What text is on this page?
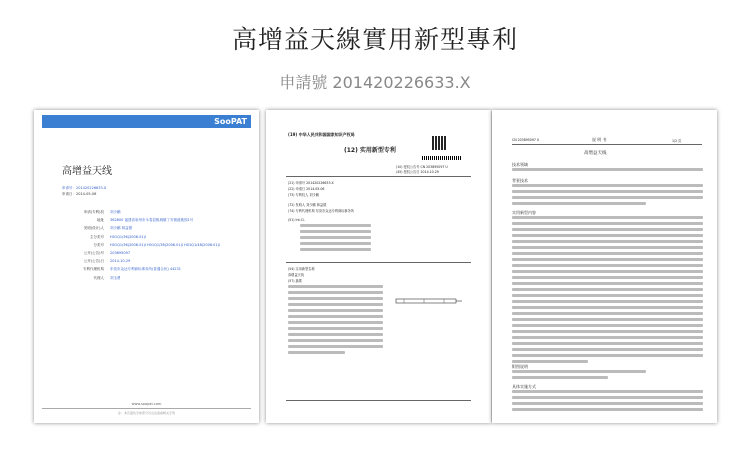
高增益天線實用新型專利
申請號 201420226633.X
SooPAT
高增益天线
申请号：201420226633.X
申请日：2014-05-06
申请(专利)权 刘少鹏
地址 362800 福建省泉州市永春县桃城镇丁安街道桃园1号
发明(设计)人 刘少鹏 林益德
主分类号 H01Q1/36(2006.01)I
分类号 H01Q1/36(2006.01)I H01Q1/38(2006.01)I H01Q1/48(2006.01)I
公开(公告)号 203895097
公开(公告)日 2014-10-29
专利代理机构 东莞市众达专利商标事务所(普通合伙) 44231
代理人 刘玉勇
www.soopat.com
注：本页蓝色字体部分可点击查看相关专利
(19) 中华人民共和国国家知识产权局
(12) 实用新型专利
(10) 授权公告号 CN 203895097 U
(45) 授权公告日 2014.10.29
(21) 申请号 201420226633.X
(22) 申请日 2014.05.06
(73) 专利权人 刘少鹏
(72) 发明人 刘少鹏 林益德
(74) 专利代理机构 东莞市众达专利商标事务所
(51) Int.Cl.
(54) 实用新型名称
高增益天线
(57) 摘要
CN 203895097 U	说 明 书	1/2 页
高增益天线
技术领域
背景技术
实用新型内容
附图说明
具体实施方式
